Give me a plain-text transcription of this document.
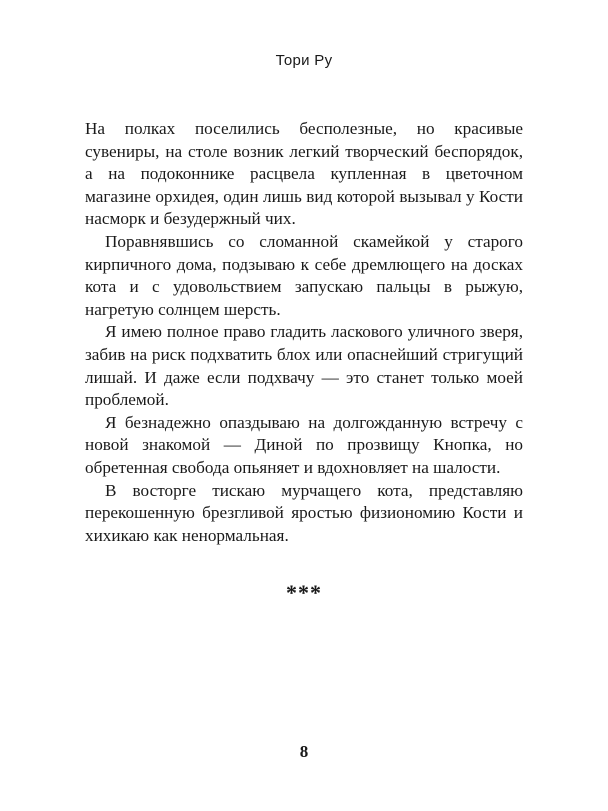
Тори Ру

На полках поселились бесполезные, но красивые сувениры, на столе возник легкий творческий беспорядок, а на подоконнике расцвела купленная в цветочном магазине орхидея, один лишь вид которой вызывал у Кости насморк и безудержный чих.

Поравнявшись со сломанной скамейкой у старого кирпичного дома, подзываю к себе дремлющего на досках кота и с удовольствием запускаю пальцы в рыжую, нагретую солнцем шерсть.

Я имею полное право гладить ласкового уличного зверя, забив на риск подхватить блох или опаснейший стригущий лишай. И даже если подхвачу — это станет только моей проблемой.

Я безнадежно опаздываю на долгожданную встречу с новой знакомой — Диной по прозвищу Кнопка, но обретенная свобода опьяняет и вдохновляет на шалости.

В восторге тискаю мурчащего кота, представляю перекошенную брезгливой яростью физиономию Кости и хихикаю как ненормальная.

***
8
